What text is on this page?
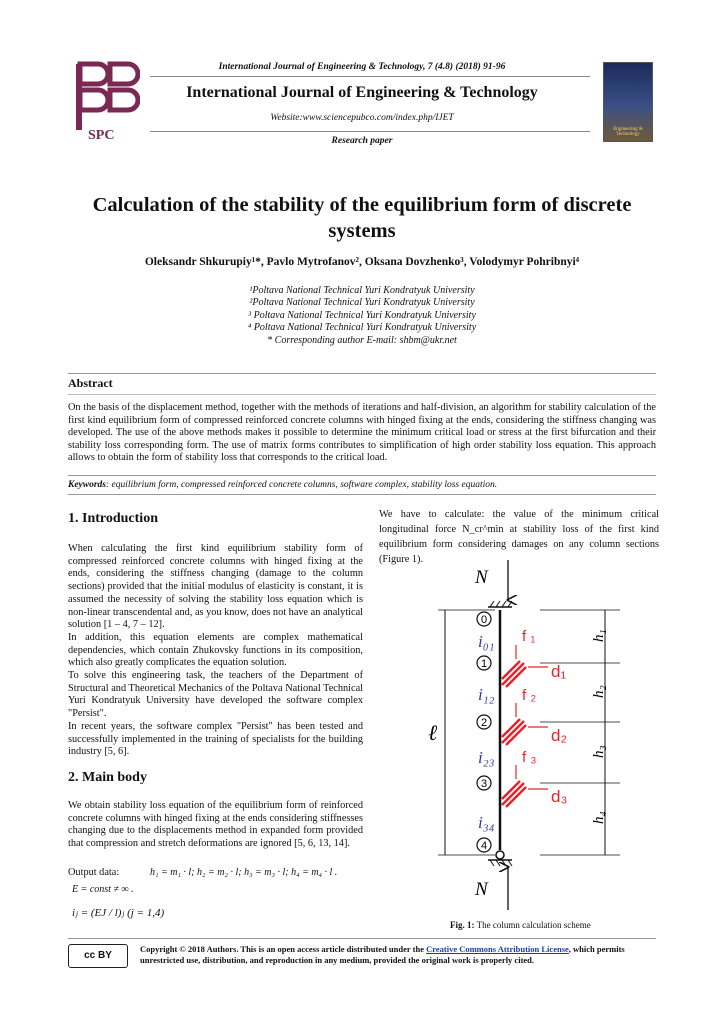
SPC	Engineering & Technology
International Journal of Engineering & Technology, 7 (4.8) (2018) 91-96
International Journal of Engineering & Technology
Website:www.sciencepubco.com/index.php/IJET
Research paper
Calculation of the stability of the equilibrium form of discrete systems
Oleksandr Shkurupiy¹*, Pavlo Mytrofanov², Oksana Dovzhenko³, Volodymyr Pohribnyi⁴
¹Poltava National Technical Yuri Kondratyuk University
²Poltava National Technical Yuri Kondratyuk University
³ Poltava National Technical Yuri Kondratyuk University
⁴ Poltava National Technical Yuri Kondratyuk University
* Corresponding author E-mail: shbm@ukr.net
Abstract
On the basis of the displacement method, together with the methods of iterations and half-division, an algorithm for stability calculation of the first kind equilibrium form of compressed reinforced concrete columns with hinged fixing at the ends, considering the stiffness changing was developed. The use of the above methods makes it possible to determine the minimum critical load or stress at the first bifurcation and their stability loss corresponding form. The use of matrix forms contributes to simplification of high order stability loss equation. This approach allows to obtain the form of stability loss that corresponds to the critical load.
Keywords: equilibrium form, compressed reinforced concrete columns, software complex, stability loss equation.
1. Introduction

When calculating the first kind equilibrium stability form of compressed reinforced concrete columns with hinged fixing at the ends, considering the stiffness changing (damage to the column sections) provided that the initial modulus of elasticity is constant, it is assumed the necessity of solving the stability loss equation which is non-linear transcendental and, as you know, does not have an analytical solution [1 – 4, 7 – 12].

In addition, this equation elements are complex mathematical dependencies, which contain Zhukovsky functions in its composition, which also greatly complicates the equation solution.

To solve this engineering task, the teachers of the Department of Structural and Theoretical Mechanics of the Poltava National Technical Yuri Kondratyuk University have developed the software complex "Persist".

In recent years, the software complex "Persist" has been tested and successfully implemented in the training of specialists for the building industry [5, 6].

2. Main body

We obtain stability loss equation of the equilibrium form of reinforced concrete columns with hinged fixing at the ends considering stiffnesses changing due to the displacements method in expanded form provided that compression and stretch deformations are ignored [5, 6, 13, 14].

Output data:	h₁ = m₁ · l; h₂ = m₂ · l; h₃ = m₃ · l; h₄ = m₄ · l .
E = const ≠ ∞ .
iⱼ = (EJ / l)ⱼ (j = 1,4)

We have to calculate: the value of the minimum critical longitudinal force N_cr^min at stability loss of the first kind equilibrium form considering damages on any column sections (Figure 1).

N
N
ℓ
h₁
h₂
h₃
h₄
0
1
2
3
4
i₀₁
i₁₂
i₂₃
i₃₄
f ₁
f ₂
f ₃
d₁
d₂
d₃
Fig. 1: The column calculation scheme
cc BY
Copyright © 2018 Authors. This is an open access article distributed under the Creative Commons Attribution License, which permits unrestricted use, distribution, and reproduction in any medium, provided the original work is properly cited.
